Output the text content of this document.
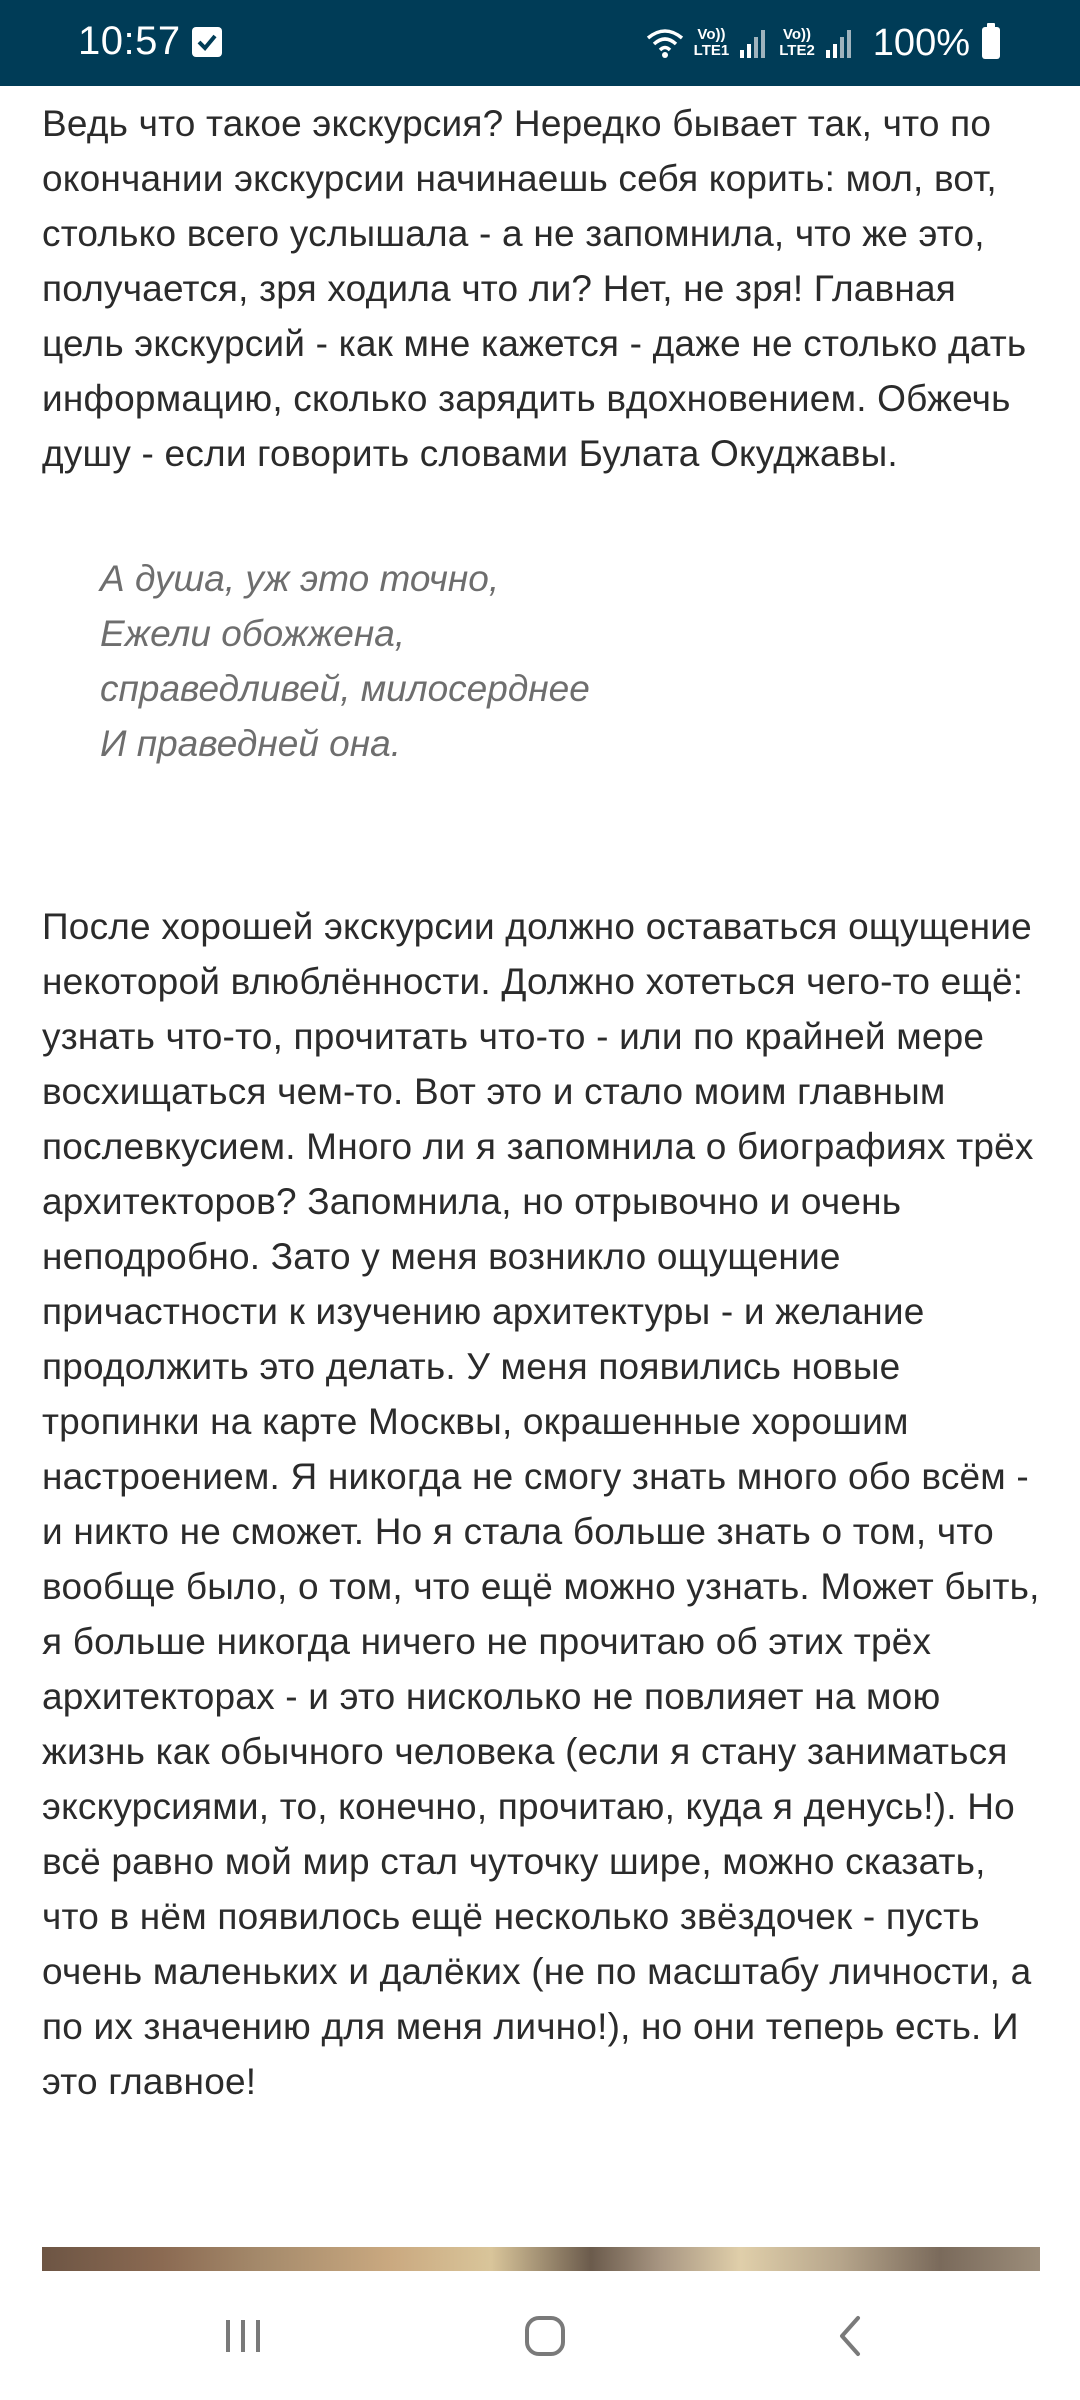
10:57	Vo))
LTE1
Vo))
LTE2 100%

Ведь что такое экскурсия? Нередко бывает так, что по окончании экскурсии начинаешь себя корить: мол, вот, столько всего услышала - а не запомнила, что же это, получается, зря ходила что ли? Нет, не зря! Главная цель экскурсий - как мне кажется - даже не столько дать информацию, сколько зарядить вдохновением. Обжечь душу - если говорить словами Булата Окуджавы.

А душа, уж это точно,
Ежели обожжена,
справедливей, милосерднее
И праведней она.

После хорошей экскурсии должно оставаться ощущение некоторой влюблённости. Должно хотеться чего-то ещё: узнать что-то, прочитать что-то - или по крайней мере восхищаться чем-то. Вот это и стало моим главным послевкусием. Много ли я запомнила о биографиях трёх архитекторов? Запомнила, но отрывочно и очень неподробно. Зато у меня возникло ощущение причастности к изучению архитектуры - и желание продолжить это делать. У меня появились новые тропинки на карте Москвы, окрашенные хорошим настроением. Я никогда не смогу знать много обо всём - и никто не сможет. Но я стала больше знать о том, что вообще было, о том, что ещё можно узнать. Может быть, я больше никогда ничего не прочитаю об этих трёх архитекторах - и это нисколько не повлияет на мою жизнь как обычного человека (если я стану заниматься экскурсиями, то, конечно, прочитаю, куда я денусь!). Но всё равно мой мир стал чуточку шире, можно сказать, что в нём появилось ещё несколько звёздочек - пусть очень маленьких и далёких (не по масштабу личности, а по их значению для меня лично!), но они теперь есть. И это главное!
